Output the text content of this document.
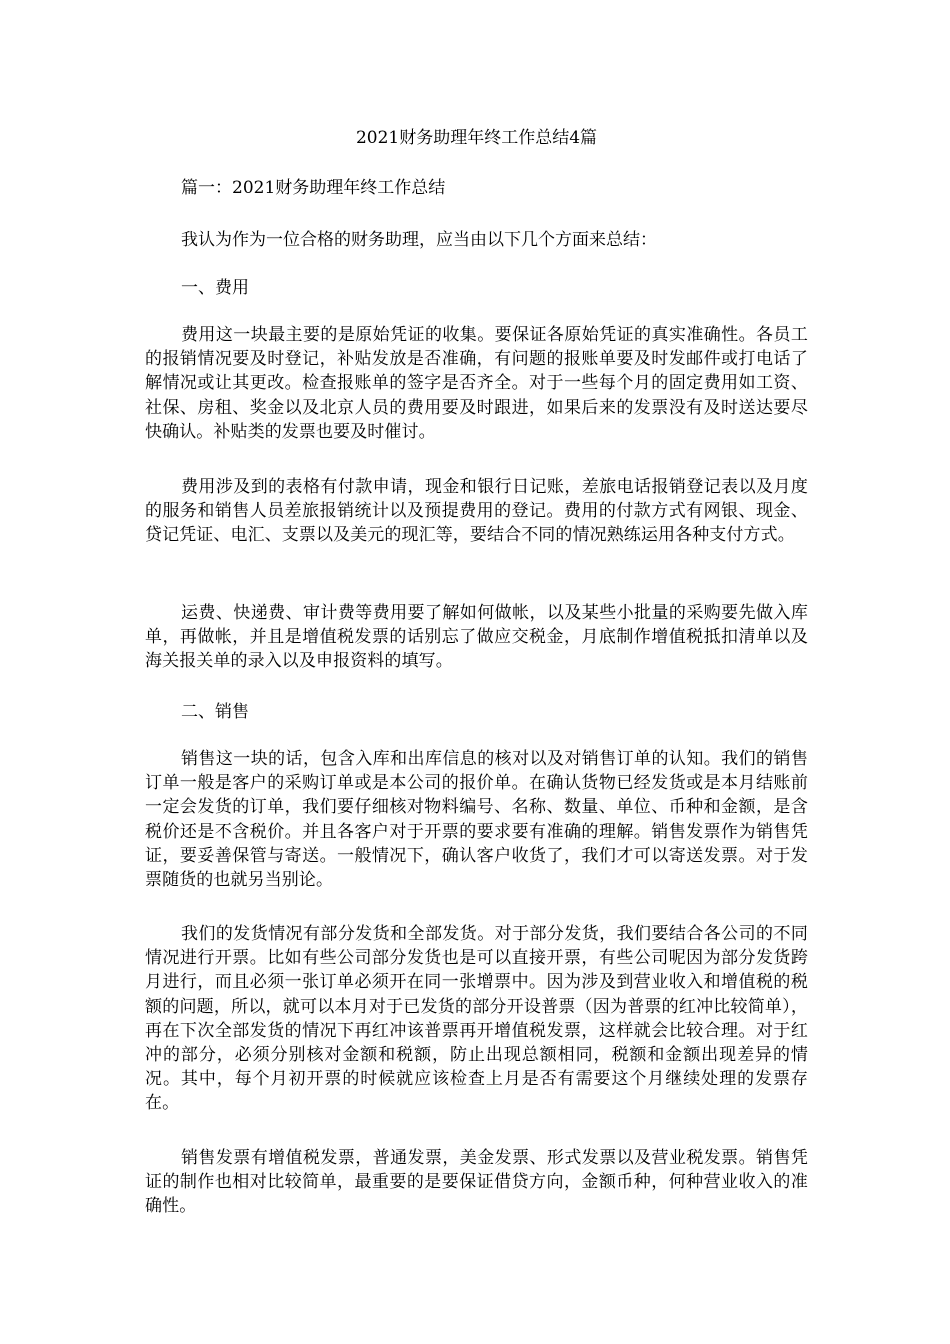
2021财务助理年终工作总结4篇

篇一：2021财务助理年终工作总结

我认为作为一位合格的财务助理，应当由以下几个方面来总结：

一、费用

费用这一块最主要的是原始凭证的收集。要保证各原始凭证的真实准确性。各员工的报销情况要及时登记，补贴发放是否准确，有问题的报账单要及时发邮件或打电话了解情况或让其更改。检查报账单的签字是否齐全。对于一些每个月的固定费用如工资、社保、房租、奖金以及北京人员的费用要及时跟进，如果后来的发票没有及时送达要尽快确认。补贴类的发票也要及时催讨。

费用涉及到的表格有付款申请，现金和银行日记账，差旅电话报销登记表以及月度的服务和销售人员差旅报销统计以及预提费用的登记。费用的付款方式有网银、现金、贷记凭证、电汇、支票以及美元的现汇等，要结合不同的情况熟练运用各种支付方式。

运费、快递费、审计费等费用要了解如何做帐，以及某些小批量的采购要先做入库单，再做帐，并且是增值税发票的话别忘了做应交税金，月底制作增值税抵扣清单以及海关报关单的录入以及申报资料的填写。

二、销售

销售这一块的话，包含入库和出库信息的核对以及对销售订单的认知。我们的销售订单一般是客户的采购订单或是本公司的报价单。在确认货物已经发货或是本月结账前一定会发货的订单，我们要仔细核对物料编号、名称、数量、单位、币种和金额，是含税价还是不含税价。并且各客户对于开票的要求要有准确的理解。销售发票作为销售凭证，要妥善保管与寄送。一般情况下，确认客户收货了，我们才可以寄送发票。对于发票随货的也就另当别论。

我们的发货情况有部分发货和全部发货。对于部分发货，我们要结合各公司的不同情况进行开票。比如有些公司部分发货也是可以直接开票，有些公司呢因为部分发货跨月进行，而且必须一张订单必须开在同一张增票中。因为涉及到营业收入和增值税的税额的问题，所以，就可以本月对于已发货的部分开设普票（因为普票的红冲比较简单），再在下次全部发货的情况下再红冲该普票再开增值税发票，这样就会比较合理。对于红冲的部分，必须分别核对金额和税额，防止出现总额相同，税额和金额出现差异的情况。其中，每个月初开票的时候就应该检查上月是否有需要这个月继续处理的发票存在。

销售发票有增值税发票，普通发票，美金发票、形式发票以及营业税发票。销售凭证的制作也相对比较简单，最重要的是要保证借贷方向，金额币种，何种营业收入的准确性。
